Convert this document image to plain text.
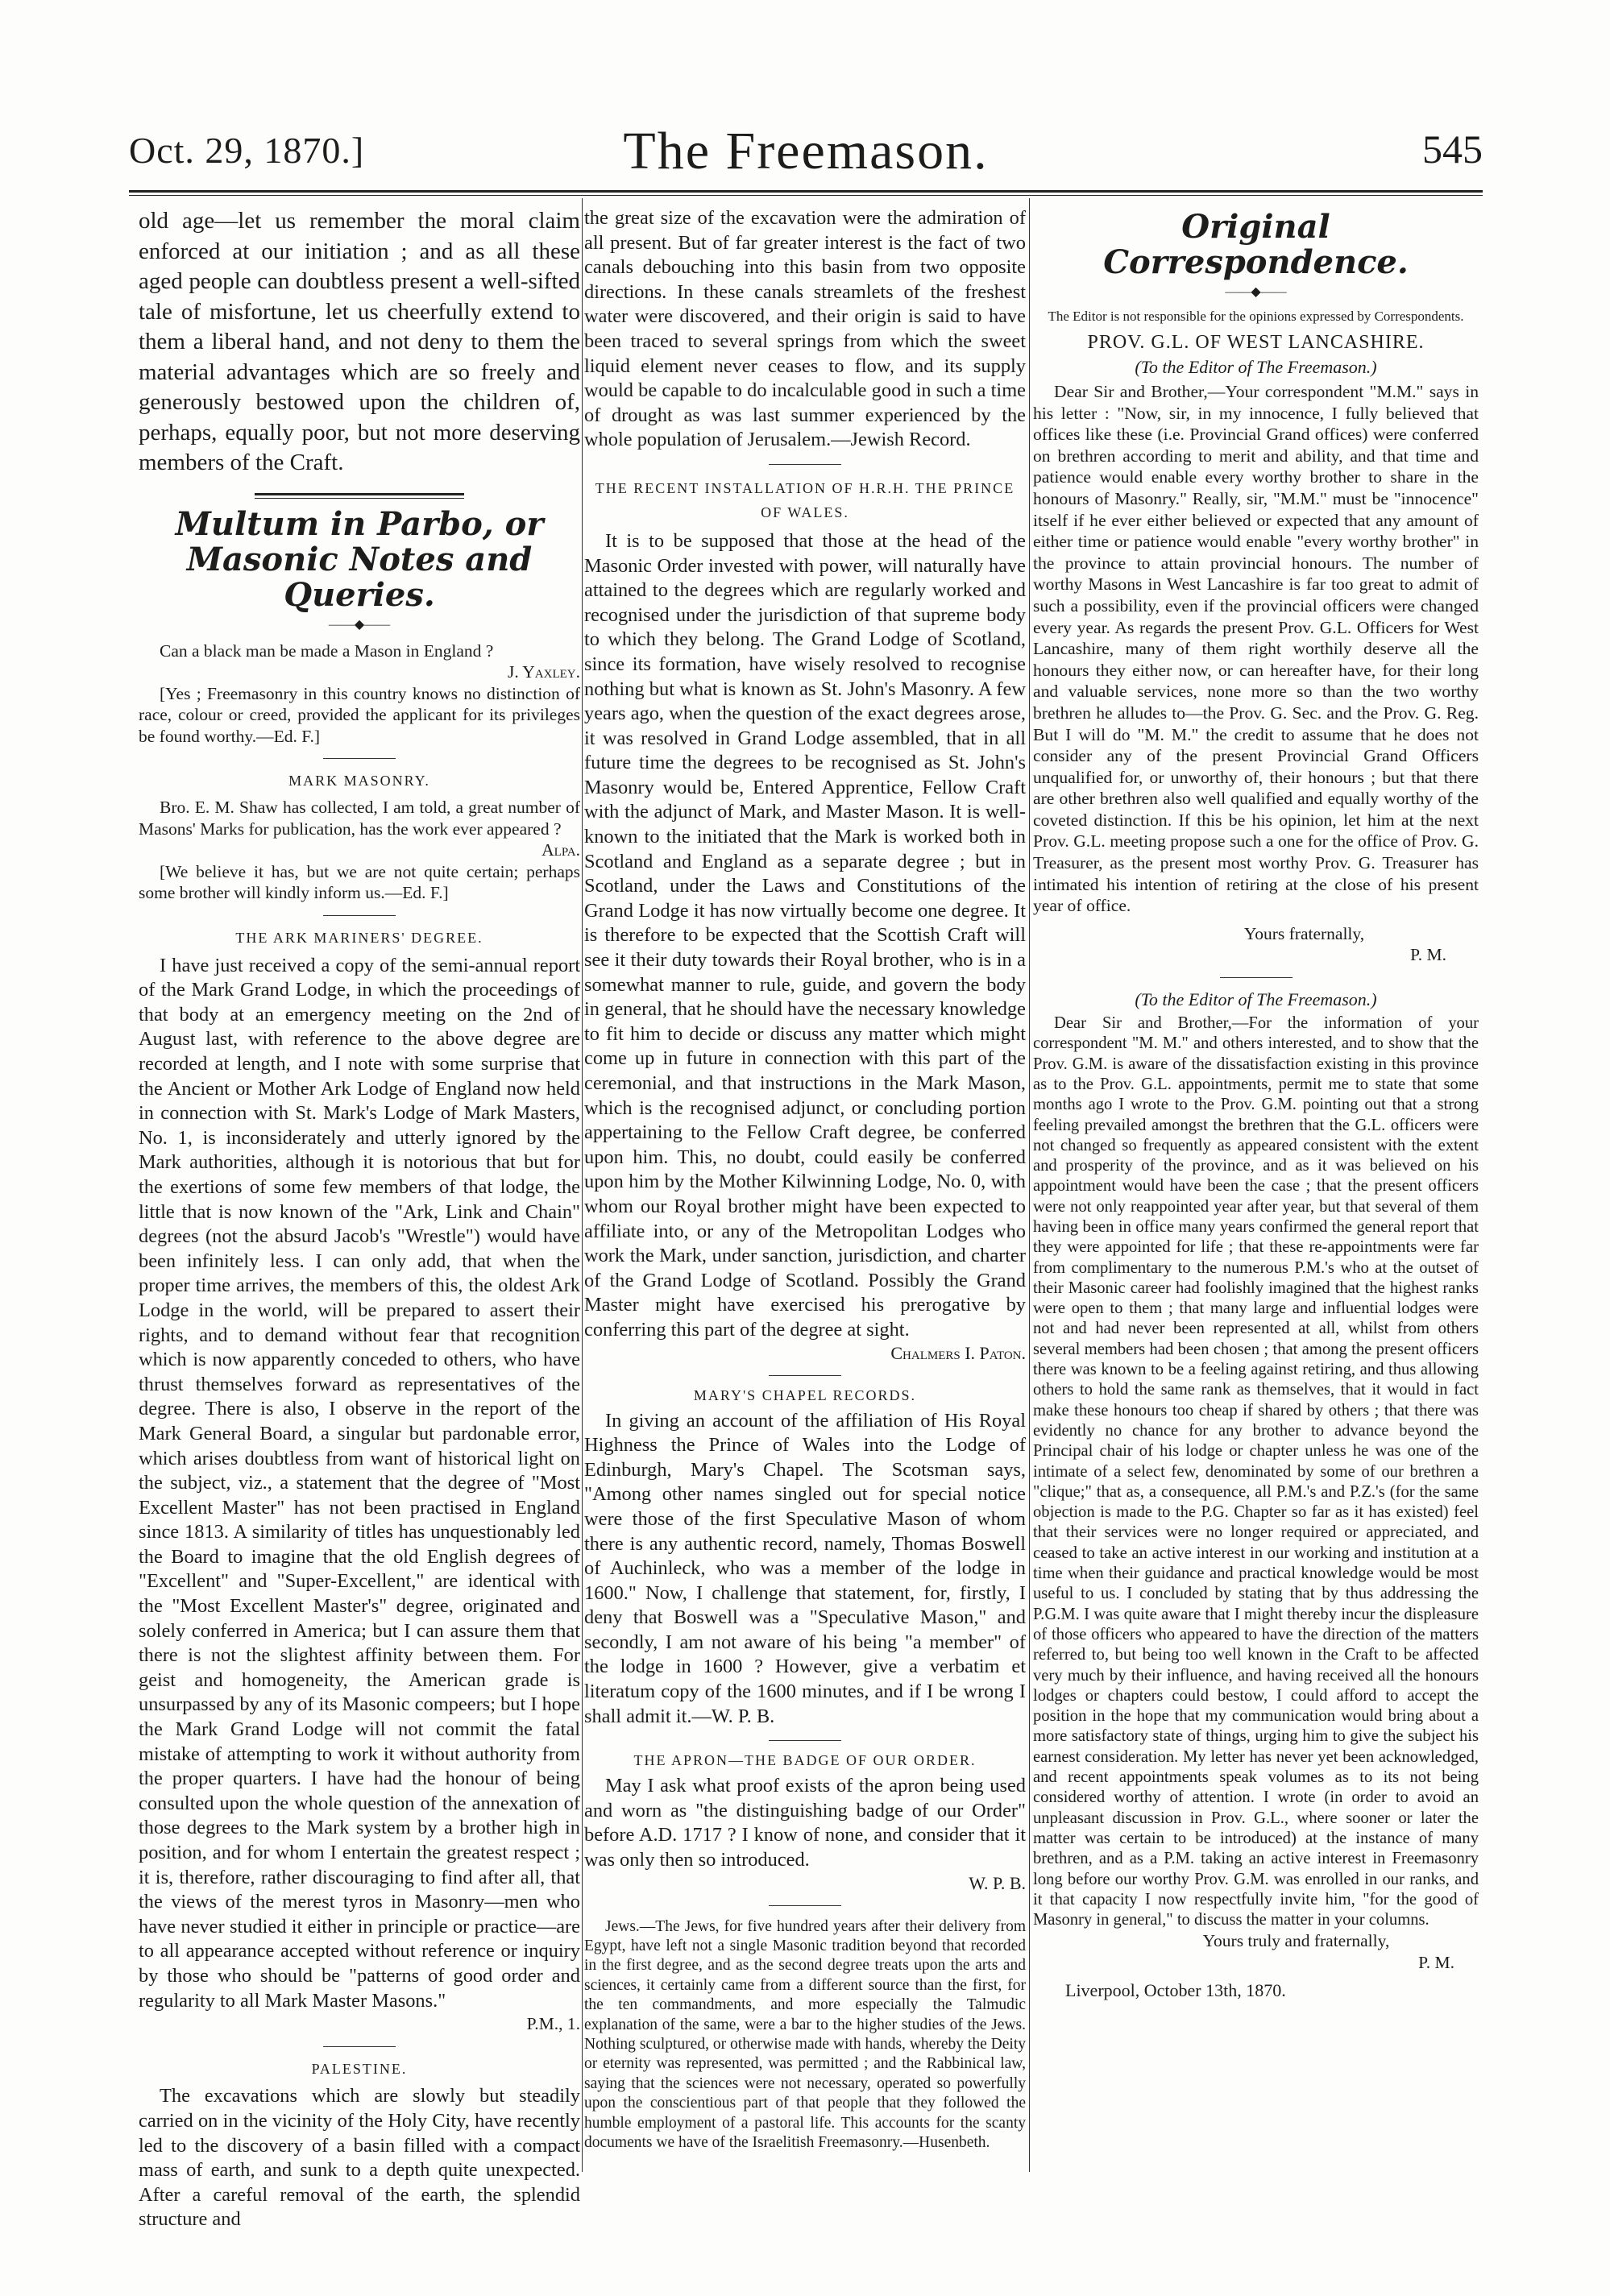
Oct. 29, 1870.]	The Freemason.	545

old age—let us remember the moral claim enforced at our initiation ; and as all these aged people can doubtless present a well-sifted tale of misfortune, let us cheerfully extend to them a liberal hand, and not deny to them the material advantages which are so freely and generously bestowed upon the children of, perhaps, equally poor, but not more deserving members of the Craft.

Multum in Parbo, or Masonic Notes and Queries.
——◆——

Can a black man be made a Mason in England ?

J. Yaxley.

[Yes ; Freemasonry in this country knows no distinction of race, colour or creed, provided the applicant for its privileges be found worthy.—Ed. F.]

MARK MASONRY.

Bro. E. M. Shaw has collected, I am told, a great number of Masons' Marks for publication, has the work ever appeared ?

Alpa.

[We believe it has, but we are not quite certain; perhaps some brother will kindly inform us.—Ed. F.]

THE ARK MARINERS' DEGREE.

I have just received a copy of the semi-annual report of the Mark Grand Lodge, in which the proceedings of that body at an emergency meeting on the 2nd of August last, with reference to the above degree are recorded at length, and I note with some surprise that the Ancient or Mother Ark Lodge of England now held in connection with St. Mark's Lodge of Mark Masters, No. 1, is inconsiderately and utterly ignored by the Mark authorities, although it is notorious that but for the exertions of some few members of that lodge, the little that is now known of the "Ark, Link and Chain" degrees (not the absurd Jacob's "Wrestle") would have been infinitely less. I can only add, that when the proper time arrives, the members of this, the oldest Ark Lodge in the world, will be prepared to assert their rights, and to demand without fear that recognition which is now apparently conceded to others, who have thrust themselves forward as representatives of the degree. There is also, I observe in the report of the Mark General Board, a singular but pardonable error, which arises doubtless from want of historical light on the subject, viz., a statement that the degree of "Most Excellent Master" has not been practised in England since 1813. A similarity of titles has unquestionably led the Board to imagine that the old English degrees of "Excellent" and "Super-Excellent," are identical with the "Most Excellent Master's" degree, originated and solely conferred in America; but I can assure them that there is not the slightest affinity between them. For geist and homogeneity, the American grade is unsurpassed by any of its Masonic compeers; but I hope the Mark Grand Lodge will not commit the fatal mistake of attempting to work it without authority from the proper quarters. I have had the honour of being consulted upon the whole question of the annexation of those degrees to the Mark system by a brother high in position, and for whom I entertain the greatest respect ; it is, therefore, rather discouraging to find after all, that the views of the merest tyros in Masonry—men who have never studied it either in principle or practice—are to all appearance accepted without reference or inquiry by those who should be "patterns of good order and regularity to all Mark Master Masons."

P.M., 1.

PALESTINE.

The excavations which are slowly but steadily carried on in the vicinity of the Holy City, have recently led to the discovery of a basin filled with a compact mass of earth, and sunk to a depth quite unexpected. After a careful removal of the earth, the splendid structure and

the great size of the excavation were the admiration of all present. But of far greater interest is the fact of two canals debouching into this basin from two opposite directions. In these canals streamlets of the freshest water were discovered, and their origin is said to have been traced to several springs from which the sweet liquid element never ceases to flow, and its supply would be capable to do incalculable good in such a time of drought as was last summer experienced by the whole population of Jerusalem.—Jewish Record.

THE RECENT INSTALLATION OF H.R.H. THE PRINCE OF WALES.

It is to be supposed that those at the head of the Masonic Order invested with power, will naturally have attained to the degrees which are regularly worked and recognised under the jurisdiction of that supreme body to which they belong. The Grand Lodge of Scotland, since its formation, have wisely resolved to recognise nothing but what is known as St. John's Masonry. A few years ago, when the question of the exact degrees arose, it was resolved in Grand Lodge assembled, that in all future time the degrees to be recognised as St. John's Masonry would be, Entered Apprentice, Fellow Craft with the adjunct of Mark, and Master Mason. It is well-known to the initiated that the Mark is worked both in Scotland and England as a separate degree ; but in Scotland, under the Laws and Constitutions of the Grand Lodge it has now virtually become one degree. It is therefore to be expected that the Scottish Craft will see it their duty towards their Royal brother, who is in a somewhat manner to rule, guide, and govern the body in general, that he should have the necessary knowledge to fit him to decide or discuss any matter which might come up in future in connection with this part of the ceremonial, and that instructions in the Mark Mason, which is the recognised adjunct, or concluding portion appertaining to the Fellow Craft degree, be conferred upon him. This, no doubt, could easily be conferred upon him by the Mother Kilwinning Lodge, No. 0, with whom our Royal brother might have been expected to affiliate into, or any of the Metropolitan Lodges who work the Mark, under sanction, jurisdiction, and charter of the Grand Lodge of Scotland. Possibly the Grand Master might have exercised his prerogative by conferring this part of the degree at sight.

Chalmers I. Paton.

MARY'S CHAPEL RECORDS.

In giving an account of the affiliation of His Royal Highness the Prince of Wales into the Lodge of Edinburgh, Mary's Chapel. The Scotsman says, "Among other names singled out for special notice were those of the first Speculative Mason of whom there is any authentic record, namely, Thomas Boswell of Auchinleck, who was a member of the lodge in 1600." Now, I challenge that statement, for, firstly, I deny that Boswell was a "Speculative Mason," and secondly, I am not aware of his being "a member" of the lodge in 1600 ? However, give a verbatim et literatum copy of the 1600 minutes, and if I be wrong I shall admit it.—W. P. B.

THE APRON—THE BADGE OF OUR ORDER.

May I ask what proof exists of the apron being used and worn as "the distinguishing badge of our Order" before A.D. 1717 ? I know of none, and consider that it was only then so introduced.

W. P. B.

Jews.—The Jews, for five hundred years after their delivery from Egypt, have left not a single Masonic tradition beyond that recorded in the first degree, and as the second degree treats upon the arts and sciences, it certainly came from a different source than the first, for the ten commandments, and more especially the Talmudic explanation of the same, were a bar to the higher studies of the Jews. Nothing sculptured, or otherwise made with hands, whereby the Deity or eternity was represented, was permitted ; and the Rabbinical law, saying that the sciences were not necessary, operated so powerfully upon the conscientious part of that people that they followed the humble employment of a pastoral life. This accounts for the scanty documents we have of the Israelitish Freemasonry.—Husenbeth.

Original Correspondence.
——◆——
The Editor is not responsible for the opinions expressed by Correspondents.
PROV. G.L. OF WEST LANCASHIRE.
(To the Editor of The Freemason.)

Dear Sir and Brother,—Your correspondent "M.M." says in his letter : "Now, sir, in my innocence, I fully believed that offices like these (i.e. Provincial Grand offices) were conferred on brethren according to merit and ability, and that time and patience would enable every worthy brother to share in the honours of Masonry." Really, sir, "M.M." must be "innocence" itself if he ever either believed or expected that any amount of either time or patience would enable "every worthy brother" in the province to attain provincial honours. The number of worthy Masons in West Lancashire is far too great to admit of such a possibility, even if the provincial officers were changed every year. As regards the present Prov. G.L. Officers for West Lancashire, many of them right worthily deserve all the honours they either now, or can hereafter have, for their long and valuable services, none more so than the two worthy brethren he alludes to—the Prov. G. Sec. and the Prov. G. Reg. But I will do "M. M." the credit to assume that he does not consider any of the present Provincial Grand Officers unqualified for, or unworthy of, their honours ; but that there are other brethren also well qualified and equally worthy of the coveted distinction. If this be his opinion, let him at the next Prov. G.L. meeting propose such a one for the office of Prov. G. Treasurer, as the present most worthy Prov. G. Treasurer has intimated his intention of retiring at the close of his present year of office.

Yours fraternally,

P. M.

(To the Editor of The Freemason.)

Dear Sir and Brother,—For the information of your correspondent "M. M." and others interested, and to show that the Prov. G.M. is aware of the dissatisfaction existing in this province as to the Prov. G.L. appointments, permit me to state that some months ago I wrote to the Prov. G.M. pointing out that a strong feeling prevailed amongst the brethren that the G.L. officers were not changed so frequently as appeared consistent with the extent and prosperity of the province, and as it was believed on his appointment would have been the case ; that the present officers were not only reappointed year after year, but that several of them having been in office many years confirmed the general report that they were appointed for life ; that these re-appointments were far from complimentary to the numerous P.M.'s who at the outset of their Masonic career had foolishly imagined that the highest ranks were open to them ; that many large and influential lodges were not and had never been represented at all, whilst from others several members had been chosen ; that among the present officers there was known to be a feeling against retiring, and thus allowing others to hold the same rank as themselves, that it would in fact make these honours too cheap if shared by others ; that there was evidently no chance for any brother to advance beyond the Principal chair of his lodge or chapter unless he was one of the intimate of a select few, denominated by some of our brethren a "clique;" that as, a consequence, all P.M.'s and P.Z.'s (for the same objection is made to the P.G. Chapter so far as it has existed) feel that their services were no longer required or appreciated, and ceased to take an active interest in our working and institution at a time when their guidance and practical knowledge would be most useful to us. I concluded by stating that by thus addressing the P.G.M. I was quite aware that I might thereby incur the displeasure of those officers who appeared to have the direction of the matters referred to, but being too well known in the Craft to be affected very much by their influence, and having received all the honours lodges or chapters could bestow, I could afford to accept the position in the hope that my communication would bring about a more satisfactory state of things, urging him to give the subject his earnest consideration. My letter has never yet been acknowledged, and recent appointments speak volumes as to its not being considered worthy of attention. I wrote (in order to avoid an unpleasant discussion in Prov. G.L., where sooner or later the matter was certain to be introduced) at the instance of many brethren, and as a P.M. taking an active interest in Freemasonry long before our worthy Prov. G.M. was enrolled in our ranks, and it that capacity I now respectfully invite him, "for the good of Masonry in general," to discuss the matter in your columns.

Yours truly and fraternally,

P. M.

Liverpool, October 13th, 1870.
